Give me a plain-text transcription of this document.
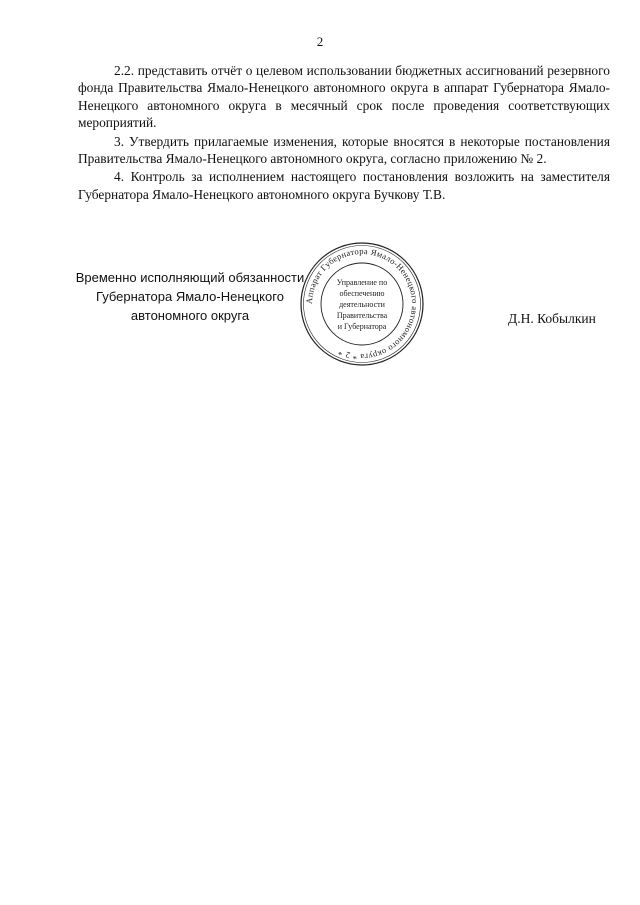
2

2.2. представить отчёт о целевом использовании бюджетных ассигнований резервного фонда Правительства Ямало-Ненецкого автономного округа в аппарат Губернатора Ямало-Ненецкого автономного округа в месячный срок после проведения соответствующих мероприятий.

3. Утвердить прилагаемые изменения, которые вносятся в некоторые постановления Правительства Ямало-Ненецкого автономного округа, согласно приложению № 2.

4. Контроль за исполнением настоящего постановления возложить на заместителя Губернатора Ямало-Ненецкого автономного округа Бучкову Т.В.

Временно исполняющий обязанности
Губернатора Ямало-Ненецкого
автономного округа
Аппарат Губернатора Ямало-Ненецкого автономного округа * 2 *
Управление по
обеспечению
деятельности
Правительства
и Губернатора
Д.Н. Кобылкин
